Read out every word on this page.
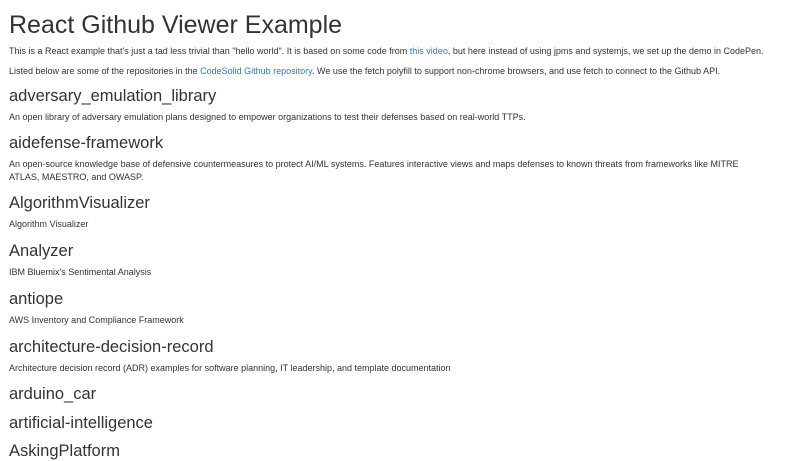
React Github Viewer Example

This is a React example that's just a tad less trivial than "hello world". It is based on some code from this video, but here instead of using jpms and systemjs, we set up the demo in CodePen.

Listed below are some of the repositories in the CodeSolid Github repository. We use the fetch polyfill to support non-chrome browsers, and use fetch to connect to the Github API.

adversary_emulation_library

An open library of adversary emulation plans designed to empower organizations to test their defenses based on real-world TTPs.

aidefense-framework

An open-source knowledge base of defensive countermeasures to protect AI/ML systems. Features interactive views and maps defenses to known threats from frameworks like MITRE ATLAS, MAESTRO, and OWASP.

AlgorithmVisualizer

Algorithm Visualizer

Analyzer

IBM Bluemix's Sentimental Analysis

antiope

AWS Inventory and Compliance Framework

architecture-decision-record

Architecture decision record (ADR) examples for software planning, IT leadership, and template documentation

arduino_car
artificial-intelligence
AskingPlatform
